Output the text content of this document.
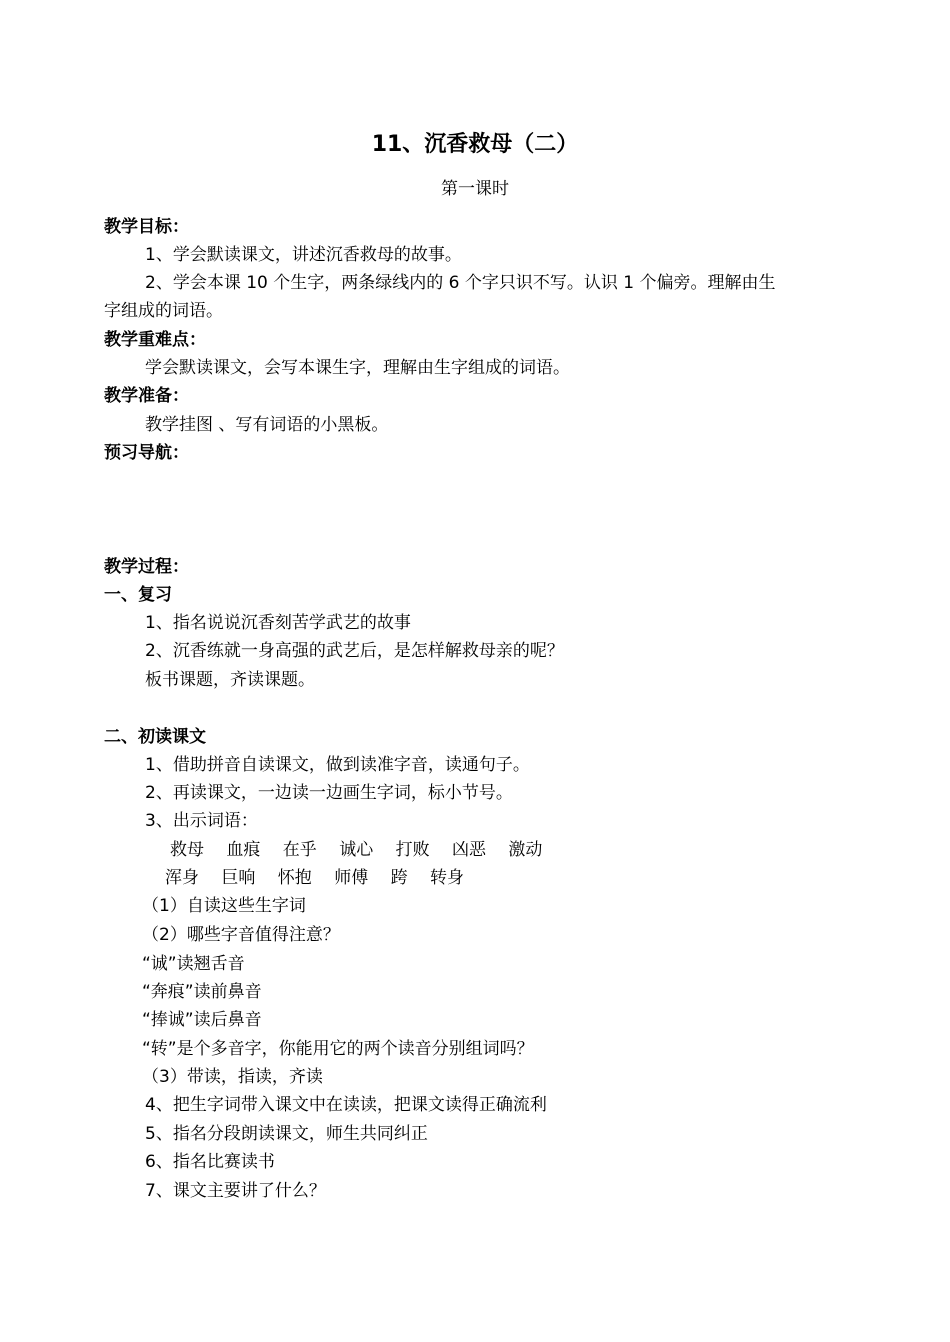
11、沉香救母（二）
第一课时
教学目标：
1、学会默读课文，讲述沉香救母的故事。
2、学会本课 10 个生字，两条绿线内的 6 个字只识不写。认识 1 个偏旁。理解由生
字组成的词语。
教学重难点：
学会默读课文，会写本课生字，理解由生字组成的词语。
教学准备：
教学挂图 、写有词语的小黑板。
预习导航：
教学过程：
一、复习
1、指名说说沉香刻苦学武艺的故事
2、沉香练就一身高强的武艺后，是怎样解救母亲的呢？
板书课题，齐读课题。
二、初读课文
1、借助拼音自读课文，做到读准字音，读通句子。
2、再读课文，一边读一边画生字词，标小节号。
3、出示词语：
救母　 血痕　 在乎　 诚心　 打败　 凶恶　 激动
浑身　 巨响　 怀抱　 师傅　 跨　 转身
（1）自读这些生字词
（2）哪些字音值得注意？
“诚”读翘舌音
“奔痕”读前鼻音
“捧诚”读后鼻音
“转”是个多音字，你能用它的两个读音分别组词吗？
（3）带读，指读，齐读
4、把生字词带入课文中在读读，把课文读得正确流利
5、指名分段朗读课文，师生共同纠正
6、指名比赛读书
7、课文主要讲了什么？
